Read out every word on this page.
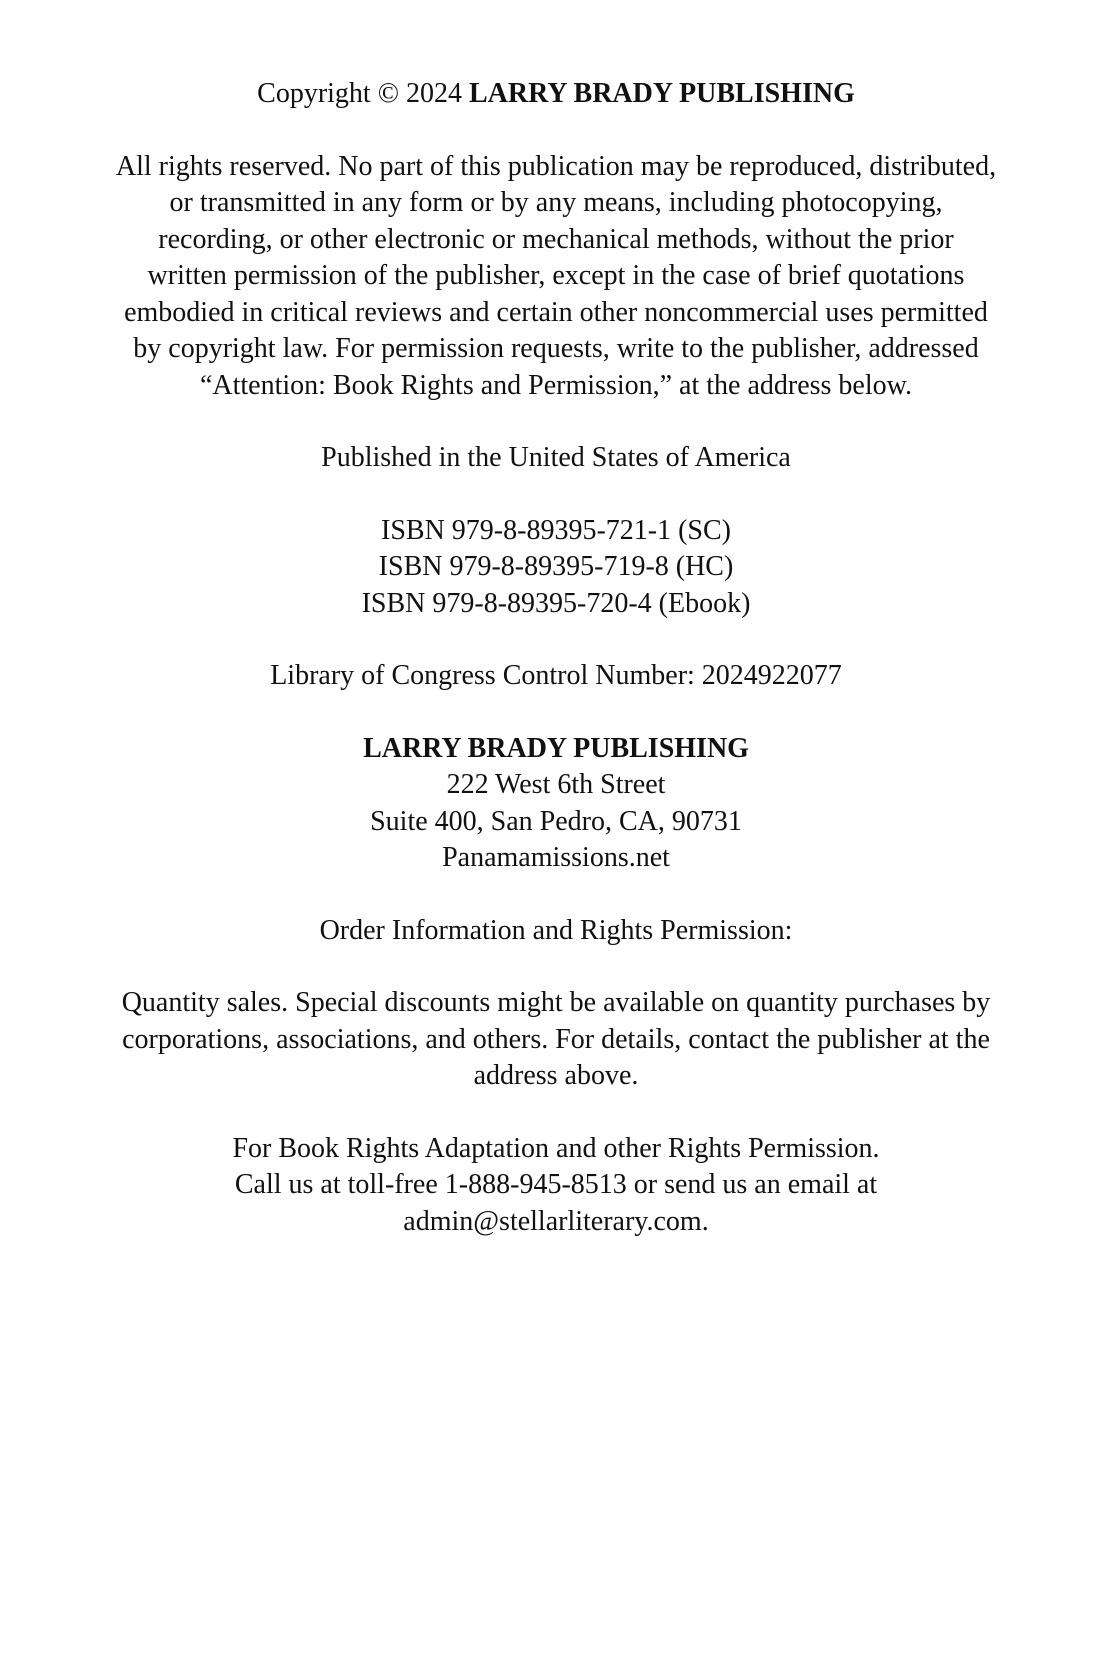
Copyright © 2024 LARRY BRADY PUBLISHING

All rights reserved. No part of this publication may be reproduced, distributed,
or transmitted in any form or by any means, including photocopying,
recording, or other electronic or mechanical methods, without the prior
written permission of the publisher, except in the case of brief quotations
embodied in critical reviews and certain other noncommercial uses permitted
by copyright law. For permission requests, write to the publisher, addressed
“Attention: Book Rights and Permission,” at the address below.

Published in the United States of America

ISBN 979-8-89395-721-1 (SC)
ISBN 979-8-89395-719-8 (HC)
ISBN 979-8-89395-720-4 (Ebook)

Library of Congress Control Number: 2024922077

LARRY BRADY PUBLISHING
222 West 6th Street
Suite 400, San Pedro, CA, 90731
Panamamissions.net

Order Information and Rights Permission:

Quantity sales. Special discounts might be available on quantity purchases by
corporations, associations, and others. For details, contact the publisher at the
address above.

For Book Rights Adaptation and other Rights Permission.
Call us at toll-free 1-888-945-8513 or send us an email at
admin@stellarliterary.com.
